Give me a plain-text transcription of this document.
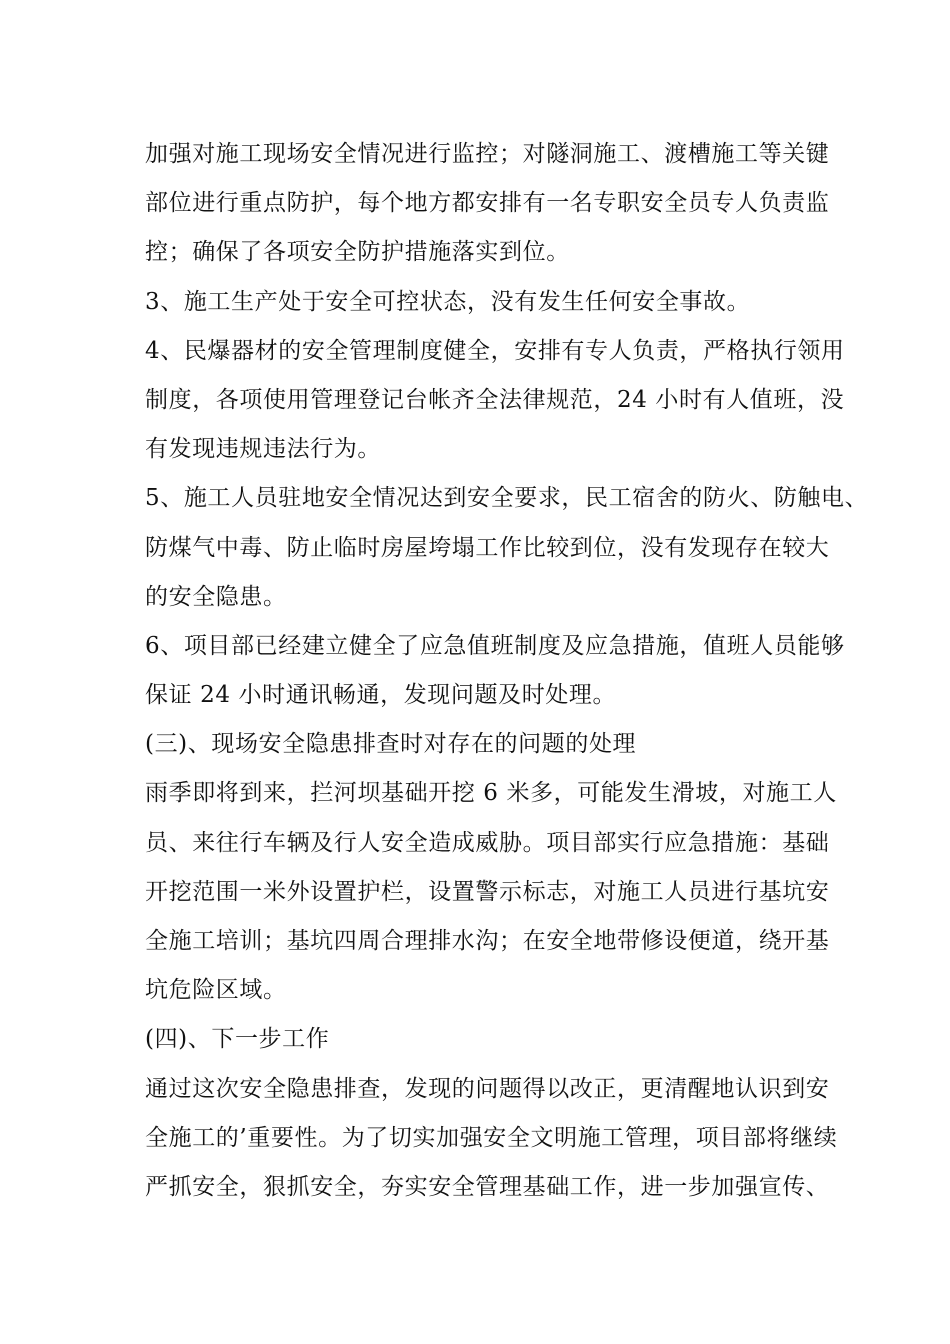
加强对施工现场安全情况进行监控；对隧洞施工、渡槽施工等关键
部位进行重点防护，每个地方都安排有一名专职安全员专人负责监
控；确保了各项安全防护措施落实到位。
3、施工生产处于安全可控状态，没有发生任何安全事故。
4、民爆器材的安全管理制度健全，安排有专人负责，严格执行领用
制度，各项使用管理登记台帐齐全法律规范，24 小时有人值班，没
有发现违规违法行为。
5、施工人员驻地安全情况达到安全要求，民工宿舍的防火、防触电、
防煤气中毒、防止临时房屋垮塌工作比较到位，没有发现存在较大
的安全隐患。
6、项目部已经建立健全了应急值班制度及应急措施，值班人员能够
保证 24 小时通讯畅通，发现问题及时处理。
(三)、现场安全隐患排查时对存在的问题的处理
雨季即将到来，拦河坝基础开挖 6 米多，可能发生滑坡，对施工人
员、来往行车辆及行人安全造成威胁。项目部实行应急措施：基础
开挖范围一米外设置护栏，设置警示标志，对施工人员进行基坑安
全施工培训；基坑四周合理排水沟；在安全地带修设便道，绕开基
坑危险区域。
(四)、下一步工作
通过这次安全隐患排查，发现的问题得以改正，更清醒地认识到安
全施工的’重要性。为了切实加强安全文明施工管理，项目部将继续
严抓安全，狠抓安全，夯实安全管理基础工作，进一步加强宣传、
